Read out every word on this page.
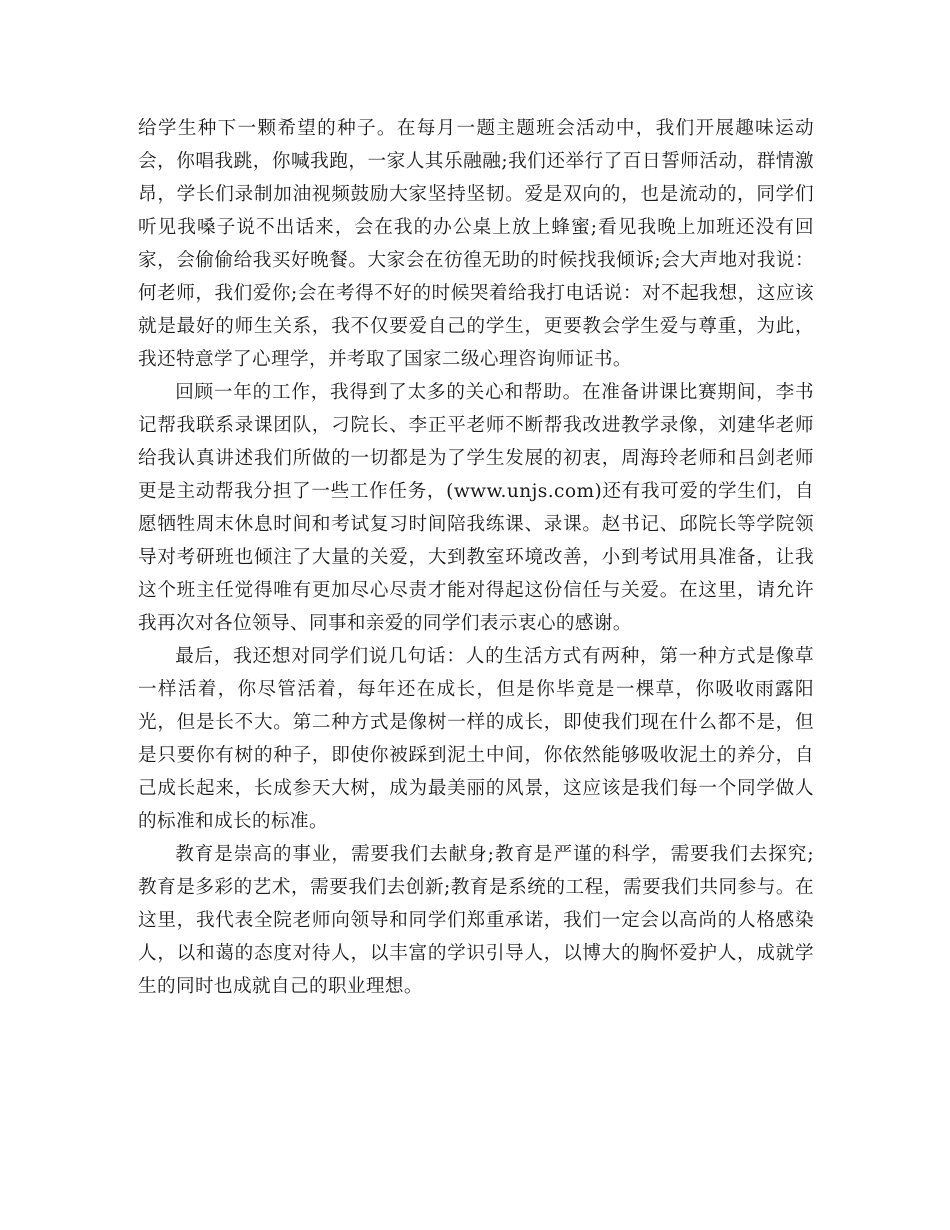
给学生种下一颗希望的种子。在每月一题主题班会活动中，我们开展趣味运动会，你唱我跳，你喊我跑，一家人其乐融融;我们还举行了百日誓师活动，群情激昂，学长们录制加油视频鼓励大家坚持坚韧。爱是双向的，也是流动的，同学们听见我嗓子说不出话来，会在我的办公桌上放上蜂蜜;看见我晚上加班还没有回家，会偷偷给我买好晚餐。大家会在彷徨无助的时候找我倾诉;会大声地对我说：何老师，我们爱你;会在考得不好的时候哭着给我打电话说：对不起我想，这应该就是最好的师生关系，我不仅要爱自己的学生，更要教会学生爱与尊重，为此，我还特意学了心理学，并考取了国家二级心理咨询师证书。

回顾一年的工作，我得到了太多的关心和帮助。在准备讲课比赛期间，李书记帮我联系录课团队，刁院长、李正平老师不断帮我改进教学录像，刘建华老师给我认真讲述我们所做的一切都是为了学生发展的初衷，周海玲老师和吕剑老师更是主动帮我分担了一些工作任务，(www.unjs.com)还有我可爱的学生们，自愿牺牲周末休息时间和考试复习时间陪我练课、录课。赵书记、邱院长等学院领导对考研班也倾注了大量的关爱，大到教室环境改善，小到考试用具准备，让我这个班主任觉得唯有更加尽心尽责才能对得起这份信任与关爱。在这里，请允许我再次对各位领导、同事和亲爱的同学们表示衷心的感谢。

最后，我还想对同学们说几句话：人的生活方式有两种，第一种方式是像草一样活着，你尽管活着，每年还在成长，但是你毕竟是一棵草，你吸收雨露阳光，但是长不大。第二种方式是像树一样的成长，即使我们现在什么都不是，但是只要你有树的种子，即使你被踩到泥土中间，你依然能够吸收泥土的养分，自己成长起来，长成参天大树，成为最美丽的风景，这应该是我们每一个同学做人的标准和成长的标准。

教育是崇高的事业，需要我们去献身;教育是严谨的科学，需要我们去探究;教育是多彩的艺术，需要我们去创新;教育是系统的工程，需要我们共同参与。在这里，我代表全院老师向领导和同学们郑重承诺，我们一定会以高尚的人格感染人，以和蔼的态度对待人，以丰富的学识引导人，以博大的胸怀爱护人，成就学生的同时也成就自己的职业理想。
